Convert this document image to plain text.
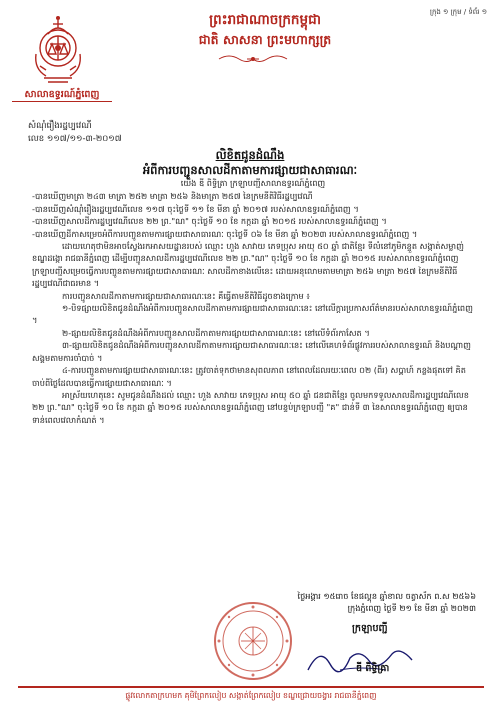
ក្រុង ១ ក្រុម / ទំព័រ ១
សាលាឧទ្ធរណ៍ភ្នំពេញ
ព្រះរាជាណាចក្រកម្ពុជា
ជាតិ សាសនា ព្រះមហាក្សត្រ
សំណុំរឿងរដ្ឋប្បវេណី
លេខ ១១៧/១១-៣-២០១៧
លិខិតជូនដំណឹង
អំពីការបញ្ជូនសាលដីកាតាមការផ្សាយជាសាធារណៈ

យើង ឌី ពិទ្ធិត្រា ក្រឡាបញ្ជីសាលាឧទ្ធរណ៍ភ្នំពេញ

-បានឃើញមាត្រា ២៤៣ មាត្រា ២៥២ មាត្រា ២៥៦ និងមាត្រា ២៥៧ នៃក្រមនីតិវិធីរដ្ឋប្បវេណី

-បានឃើញសំណុំរឿងរដ្ឋប្បវេណីលេខ ១១៧ ចុះថ្ងៃទី ១១ ខែ មីនា ឆ្នាំ ២០១៧ របស់សាលាឧទ្ធរណ៍ភ្នំពេញ ។

-បានឃើញសាលដីការដ្ឋប្បវេណីលេខ ២២ ព្រ."ណ" ចុះថ្ងៃទី ១០ ខែ កក្កដា ឆ្នាំ ២០១៥ របស់សាលាឧទ្ធរណ៍ភ្នំពេញ ។

-បានឃើញដីកាសម្រេចអំពីការបញ្ជូនតាមការផ្សាយជាសាធារណៈ ចុះថ្ងៃទី ០៦ ខែ មីនា ឆ្នាំ ២០២៣ របស់សាលាឧទ្ធរណ៍ភ្នំពេញ ។

ដោយហេតុថាមិនអាចស្វែងរកអាសយដ្ឋានរបស់ ឈ្មោះ ហួង សាវាយ ភេទប្រុស អាយុ ៥០ ឆ្នាំ ជាតិខ្មែរ ទីលំនៅភូមិកន្ទួត សង្កាត់សម្លាញ់ ខណ្ឌដង្កោ រាជធានីភ្នំពេញ ដើម្បីបញ្ជូនសាលដីការដ្ឋប្បវេណីលេខ ២២ ព្រ."ណ" ចុះថ្ងៃទី ១០ ខែ កក្កដា ឆ្នាំ ២០១៥ របស់សាលាឧទ្ធរណ៍ភ្នំពេញ ក្រឡាបញ្ជីសម្រេចធ្វើការបញ្ជូនតាមការផ្សាយជាសាធារណៈ សាលដីកាខាងលើនេះ ដោយអនុលោមតាមមាត្រា ២៥៦ មាត្រា ២៥៧ នៃក្រមនីតិវិធីរដ្ឋប្បវេណីជាធរមាន ។

ការបញ្ជូនសាលដីកាតាមការផ្សាយជាសាធារណៈនេះ គឺធ្វើតាមនីតិវិធីដូចខាងក្រោម ៖

១-បិទផ្សាយលិខិតជូនដំណឹងអំពីការបញ្ជូនសាលដីកាតាមការផ្សាយជាសាធារណៈនេះ នៅលើក្ដារប្រកាសព័ត៌មានរបស់សាលាឧទ្ធរណ៍ភ្នំពេញ ។

២-ផ្សាយលិខិតជូនដំណឹងអំពីការបញ្ជូនសាលដីកាតាមការផ្សាយជាសាធារណៈនេះ នៅលើទំព័រកាសែត ។

៣-ផ្សាយលិខិតជូនដំណឹងអំពីការបញ្ជូនសាលដីកាតាមការផ្សាយជាសាធារណៈនេះ នៅលើគេហទំព័រផ្លូវការរបស់សាលាឧទ្ធរណ៍ និងបណ្ដាញសង្គមតាមការចាំបាច់ ។

៤-ការបញ្ជូនតាមការផ្សាយជាសាធារណៈនេះ ត្រូវចាត់ទុកថាមានសុពលភាព នៅពេលដែលរយៈពេល ០២ (ពីរ) សប្ដាហ៍ កន្លងផុតទៅ គិតចាប់ពីថ្ងៃដែលបានធ្វើការផ្សាយជាសាធារណៈ ។

អាស្រ័យហេតុនេះ សូមជូនដំណឹងដល់ ឈ្មោះ ហួង សាវាយ ភេទប្រុស អាយុ ៥០ ឆ្នាំ ជនជាតិខ្មែរ ចូលមកទទួលសាលដីការដ្ឋប្បវេណីលេខ ២២ ព្រ."ណ" ចុះថ្ងៃទី ១០ ខែ កក្កដា ឆ្នាំ ២០១៥ របស់សាលាឧទ្ធរណ៍ភ្នំពេញ នៅបន្ទប់ក្រឡាបញ្ជី "គ" ជាន់ទី ៣ នៃសាលាឧទ្ធរណ៍ភ្នំពេញ ឲ្យបានទាន់ពេលវេលាកំណត់ ។

ថ្ងៃអង្គារ ១៥រោច ខែផល្គុន ឆ្នាំខាល ចត្វាស័ក ព.ស ២៥៦៦
ក្រុងភ្នំពេញ ថ្ងៃទី ២១ ខែ មីនា ឆ្នាំ ២០២៣
ក្រឡាបញ្ជី
ឌី ពិទ្ធិត្រា
ផ្លូវលោកតាក្រហមក គុមិព្រែកលៀប សង្កាត់ព្រែកលៀប ខណ្ឌជ្រោយចង្វារ រាជធានីភ្នំពេញ
